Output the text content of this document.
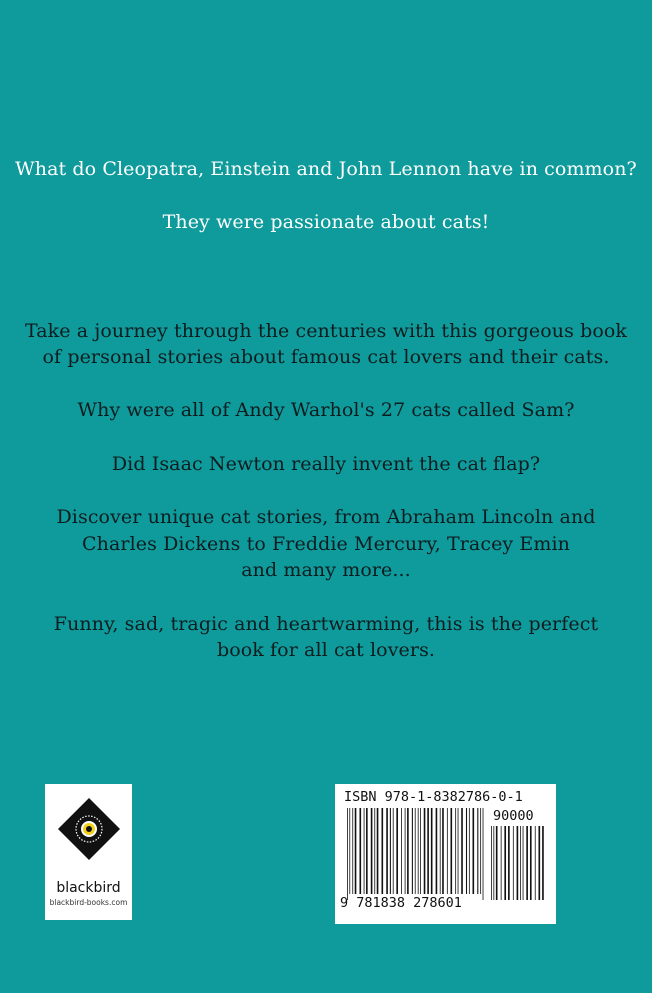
What do Cleopatra, Einstein and John Lennon have in common?
They were passionate about cats!
Take a journey through the centuries with this gorgeous book
of personal stories about famous cat lovers and their cats.
Why were all of Andy Warhol's 27 cats called Sam?
Did Isaac Newton really invent the cat flap?
Discover unique cat stories, from Abraham Lincoln and
Charles Dickens to Freddie Mercury, Tracey Emin
and many more...
Funny, sad, tragic and heartwarming, this is the perfect
book for all cat lovers.
blackbird
blackbird-books.com
ISBN 978-1-8382786-0-1
90000
9 781838 278601
